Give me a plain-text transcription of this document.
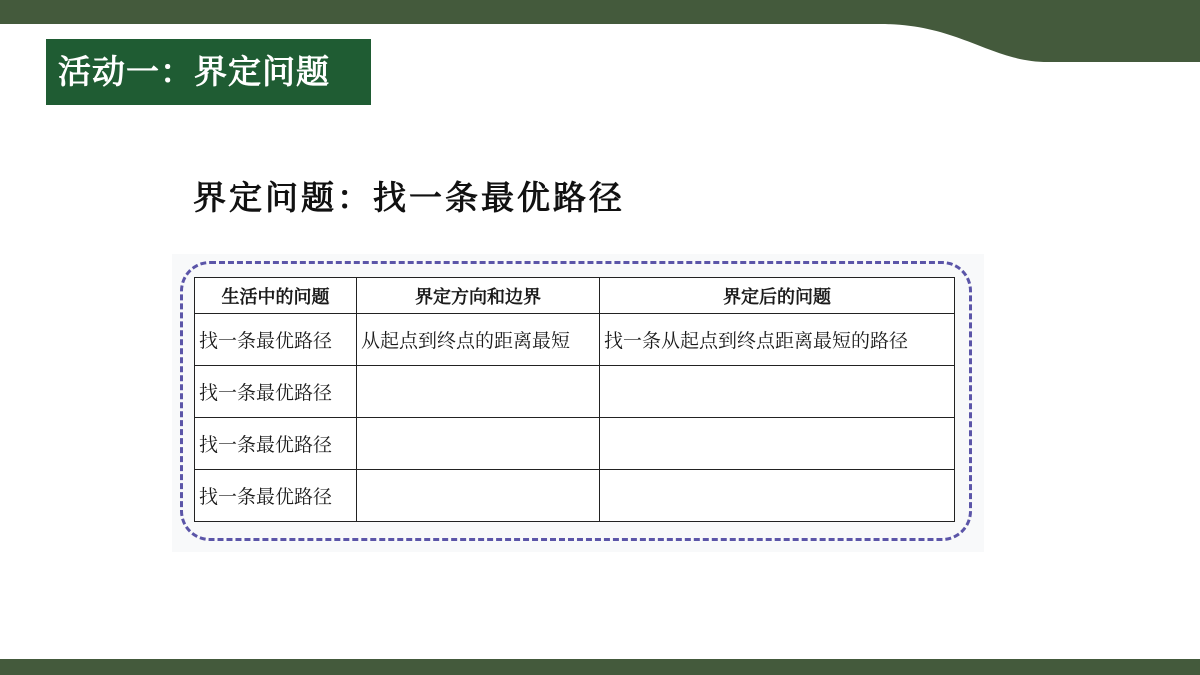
活动一：界定问题
界定问题：找一条最优路径
生活中的问题	界定方向和边界	界定后的问题
找一条最优路径	从起点到终点的距离最短	找一条从起点到终点距离最短的路径
找一条最优路径		
找一条最优路径		
找一条最优路径		
